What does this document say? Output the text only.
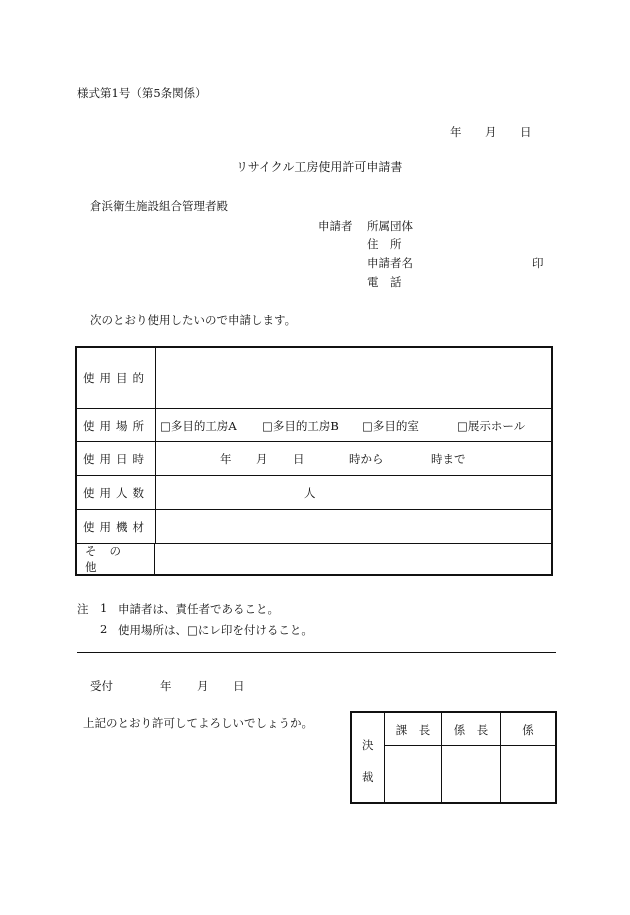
様式第1号（第5条関係）
年 月 日
リサイクル工房使用許可申請書
倉浜衛生施設組合管理者殿
申請者 所属団体
住　所
申請者名	印
電　話
次のとおり使用したいので申請します。
使用目的
使用場所 □多目的工房A □多目的工房B □多目的室	□展示ホール
使用日時	年 月 日	時から	時まで
使用人数	人
使用機材
その他
注 1 申請者は、責任者であること。
2 使用場所は、□にレ印を付けること。
受付	年 月 日
上記のとおり許可してよろしいでしょうか。
決
裁
課　長	係　長	係
